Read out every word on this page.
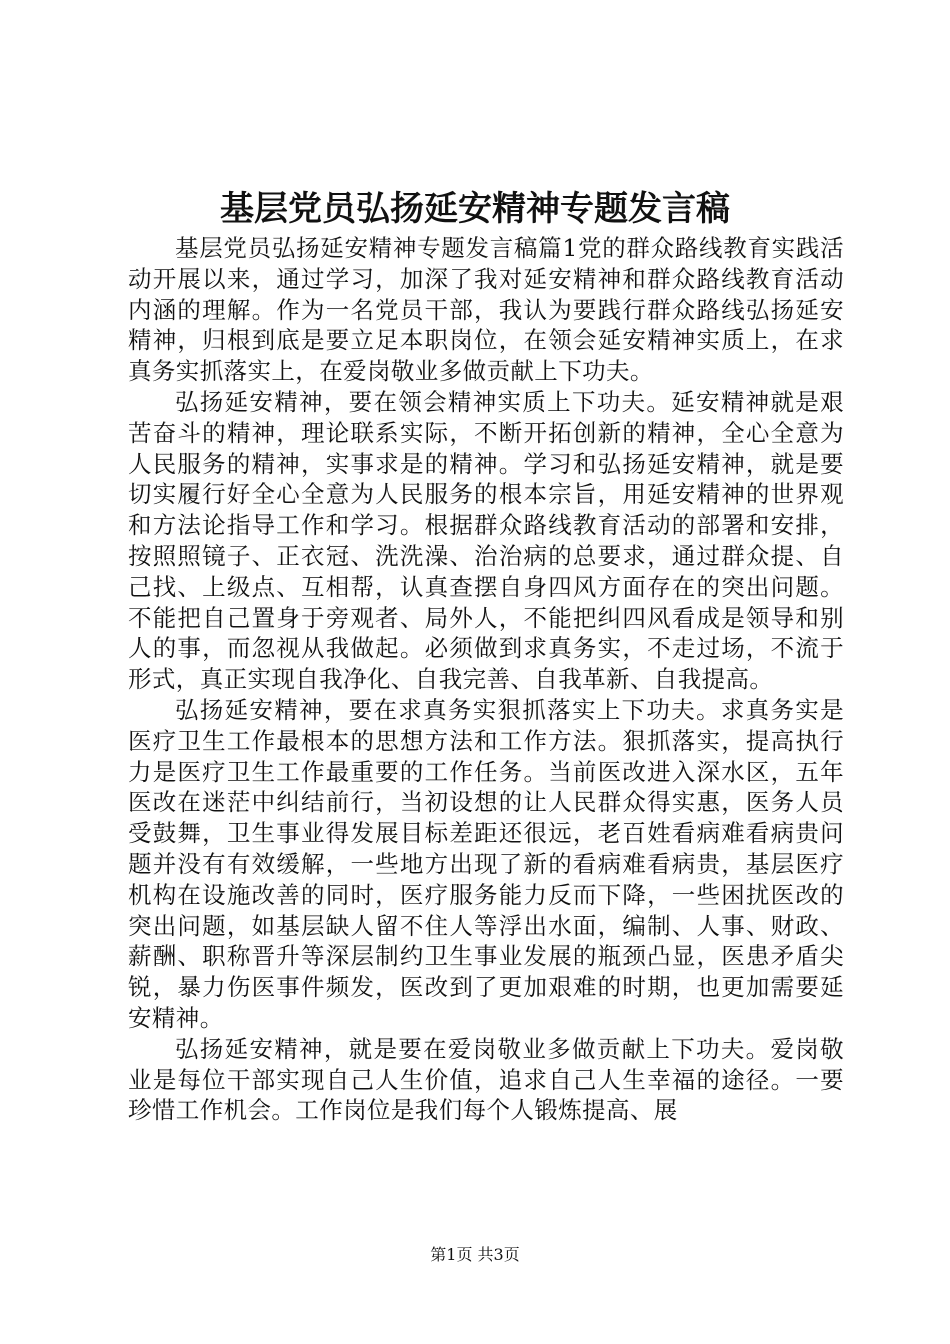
基层党员弘扬延安精神专题发言稿

基层党员弘扬延安精神专题发言稿篇1党的群众路线教育实践活动开展以来，通过学习，加深了我对延安精神和群众路线教育活动内涵的理解。作为一名党员干部，我认为要践行群众路线弘扬延安精神，归根到底是要立足本职岗位，在领会延安精神实质上，在求真务实抓落实上，在爱岗敬业多做贡献上下功夫。

弘扬延安精神，要在领会精神实质上下功夫。延安精神就是艰苦奋斗的精神，理论联系实际，不断开拓创新的精神，全心全意为人民服务的精神，实事求是的精神。学习和弘扬延安精神，就是要切实履行好全心全意为人民服务的根本宗旨，用延安精神的世界观和方法论指导工作和学习。根据群众路线教育活动的部署和安排，按照照镜子、正衣冠、洗洗澡、治治病的总要求，通过群众提、自己找、上级点、互相帮，认真查摆自身四风方面存在的突出问题。不能把自己置身于旁观者、局外人，不能把纠四风看成是领导和别人的事，而忽视从我做起。必须做到求真务实，不走过场，不流于形式，真正实现自我净化、自我完善、自我革新、自我提高。

弘扬延安精神，要在求真务实狠抓落实上下功夫。求真务实是医疗卫生工作最根本的思想方法和工作方法。狠抓落实，提高执行力是医疗卫生工作最重要的工作任务。当前医改进入深水区，五年医改在迷茫中纠结前行，当初设想的让人民群众得实惠，医务人员受鼓舞，卫生事业得发展目标差距还很远，老百姓看病难看病贵问题并没有有效缓解，一些地方出现了新的看病难看病贵，基层医疗机构在设施改善的同时，医疗服务能力反而下降，一些困扰医改的突出问题，如基层缺人留不住人等浮出水面，编制、人事、财政、薪酬、职称晋升等深层制约卫生事业发展的瓶颈凸显，医患矛盾尖锐，暴力伤医事件频发，医改到了更加艰难的时期，也更加需要延安精神。

弘扬延安精神，就是要在爱岗敬业多做贡献上下功夫。爱岗敬业是每位干部实现自己人生价值，追求自己人生幸福的途径。一要珍惜工作机会。工作岗位是我们每个人锻炼提高、展

第1页 共3页
